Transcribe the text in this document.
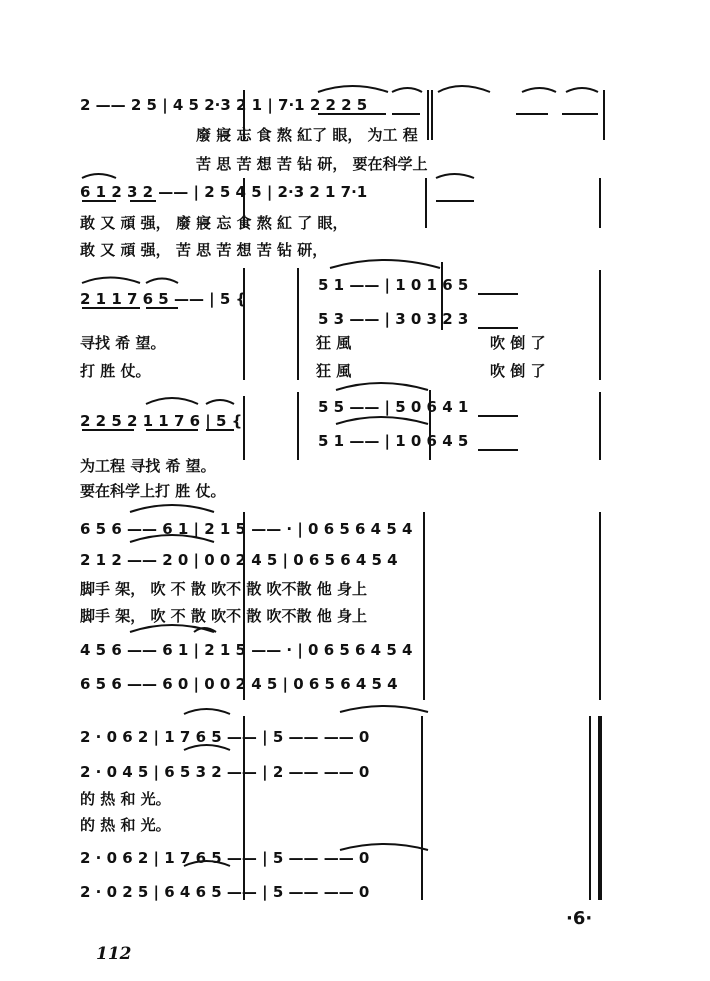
2 —— 2 5 | 4 5 2·3 2 1 | 7·1 2 2 2 5
廢 寢 忘 食 熬 紅了 眼， 为工 程
苦 思 苦 想 苦 钻 研， 要在科学上
6 1 2 3 2 —— | 2 5 4 5 | 2·3 2 1 7·1
敢 又 頑 强， 廢 寢 忘 食 熬 紅 了 眼，
敢 又 頑 强， 苦 思 苦 想 苦 钻 研，
2 1 1 7 6 5 —— | 5 {
5 1 —— | 1 0 1 6 5
5 3 —— | 3 0 3 2 3
寻找 希 望。
打 胜 仗。
狂 風
狂 風
吹 倒 了
吹 倒 了
2 2 5 2 1 1 7 6 | 5 {
5 5 —— | 5 0 6 4 1
5 1 —— | 1 0 6 4 5
为工程 寻找 希 望。
要在科学上打 胜 仗。
6 5 6 —— 6 1 | 2 1 5 —— · | 0 6 5 6 4 5 4
2 1 2 —— 2 0 | 0 0 2 4 5 | 0 6 5 6 4 5 4
脚手 架， 吹 不 散 吹不 散 吹不散 他 身上
脚手 架， 吹 不 散 吹不 散 吹不散 他 身上
4 5 6 —— 6 1 | 2 1 5 —— · | 0 6 5 6 4 5 4
6 5 6 —— 6 0 | 0 0 2 4 5 | 0 6 5 6 4 5 4
2 · 0 6 2 | 1 7 6 5 —— | 5 —— —— 0
2 · 0 4 5 | 6 5 3 2 —— | 2 —— —— 0
的 热 和 光。
的 热 和 光。
2 · 0 6 2 | 1 7 6 5 —— | 5 —— —— 0
2 · 0 2 5 | 6 4 6 5 —— | 5 —— —— 0
112
·6·
